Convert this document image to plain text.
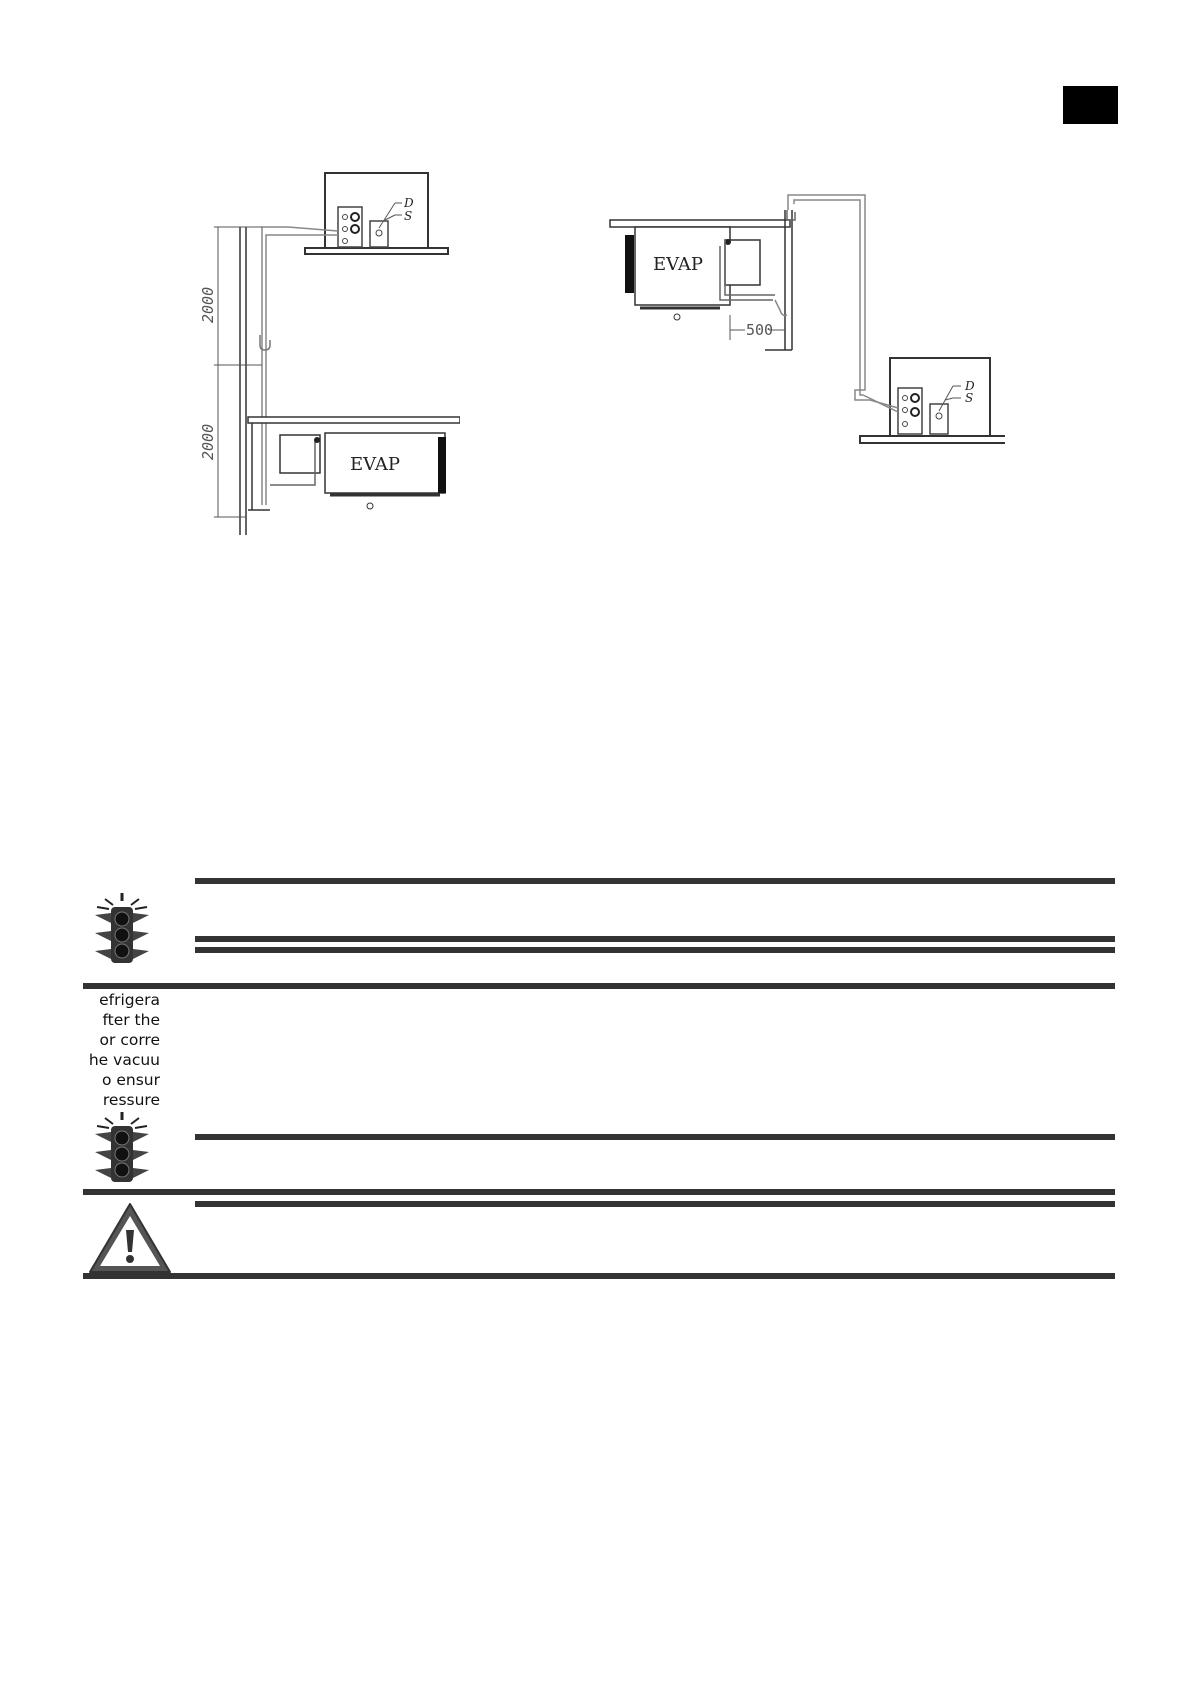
D
S
2000
2000
EVAP
EVAP
500
D
S
efrigera
fter the
or corre
he vacuu
o ensur
ressure
